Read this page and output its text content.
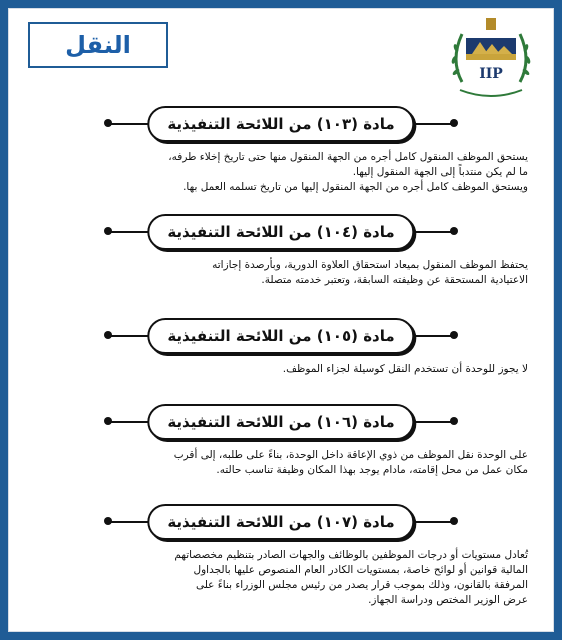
النقل
IIP
مادة (١٠٣) من اللائحة التنفيذية

يستحق الموظف المنقول كامل أجره من الجهة المنقول منها حتى تاريخ إخلاء طرفه،

ما لم يكن منتدباً إلى الجهة المنقول إليها.

ويستحق الموظف كامل أجره من الجهة المنقول إليها من تاريخ تسلمه العمل بها.

مادة (١٠٤) من اللائحة التنفيذية

يحتفظ الموظف المنقول بميعاد استحقاق العلاوة الدورية، وبأرصدة إجازاته

الاعتيادية المستحقة عن وظيفته السابقة، وتعتبر خدمته متصلة.

مادة (١٠٥) من اللائحة التنفيذية

لا يجوز للوحدة أن تستخدم النقل كوسيلة لجزاء الموظف.

مادة (١٠٦) من اللائحة التنفيذية

على الوحدة نقل الموظف من ذوي الإعاقة داخل الوحدة، بناءً على طلبه، إلى أقرب

مكان عمل من محل إقامته، مادام يوجد بهذا المكان وظيفة تناسب حالته.

مادة (١٠٧) من اللائحة التنفيذية

تُعادل مستويات أو درجات الموظفين بالوظائف والجهات الصادر بتنظيم مخصصاتهم

المالية قوانين أو لوائح خاصة، بمستويات الكادر العام المنصوص عليها بالجداول

المرفقة بالقانون، وذلك بموجب قرار يصدر من رئيس مجلس الوزراء بناءً على

عرض الوزير المختص ودراسة الجهاز.
